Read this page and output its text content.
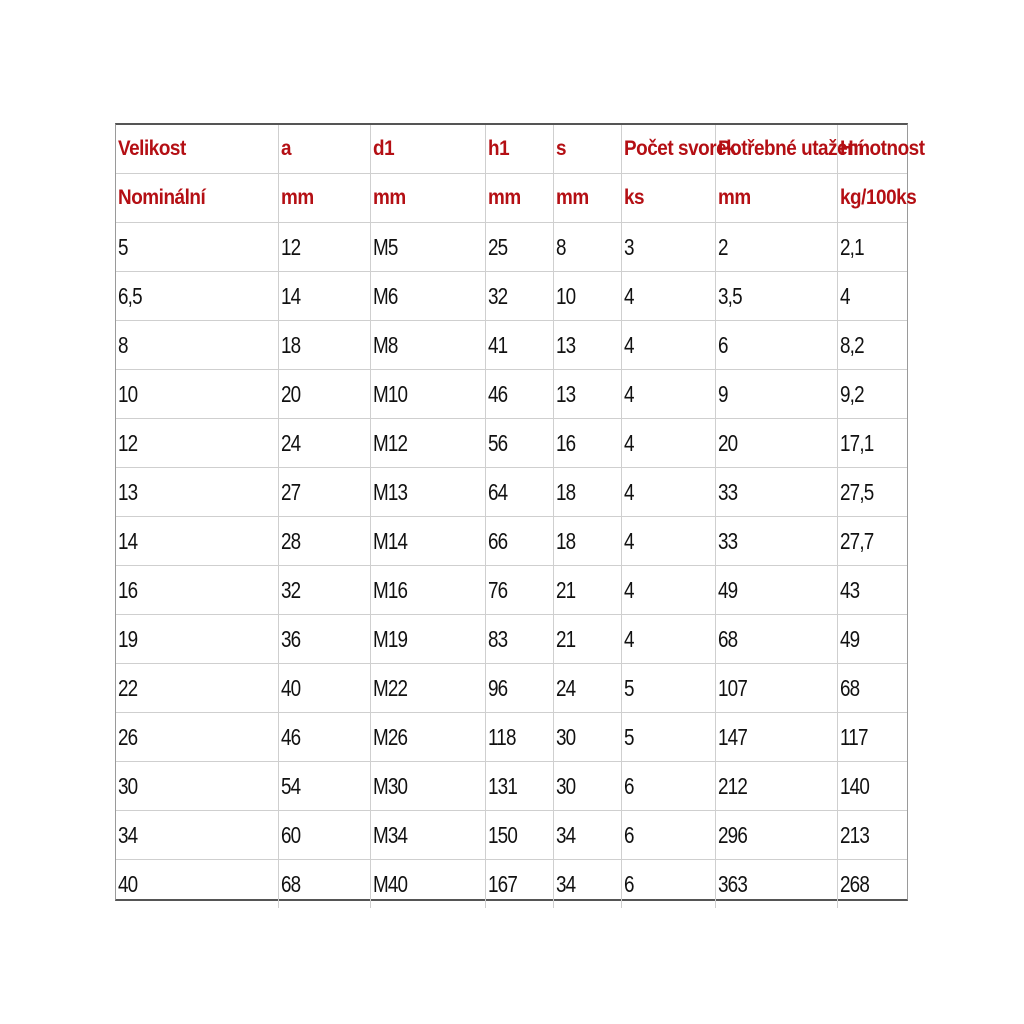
Velikost	a	d1	h1	s	Počet svorek	Potřebné utažení	Hmotnost
Nominální	mm	mm	mm	mm	ks	mm	kg/100ks
5	12	M5	25	8	3	2	2,1
6,5	14	M6	32	10	4	3,5	4
8	18	M8	41	13	4	6	8,2
10	20	M10	46	13	4	9	9,2
12	24	M12	56	16	4	20	17,1
13	27	M13	64	18	4	33	27,5
14	28	M14	66	18	4	33	27,7
16	32	M16	76	21	4	49	43
19	36	M19	83	21	4	68	49
22	40	M22	96	24	5	107	68
26	46	M26	118	30	5	147	117
30	54	M30	131	30	6	212	140
34	60	M34	150	34	6	296	213
40	68	M40	167	34	6	363	268
